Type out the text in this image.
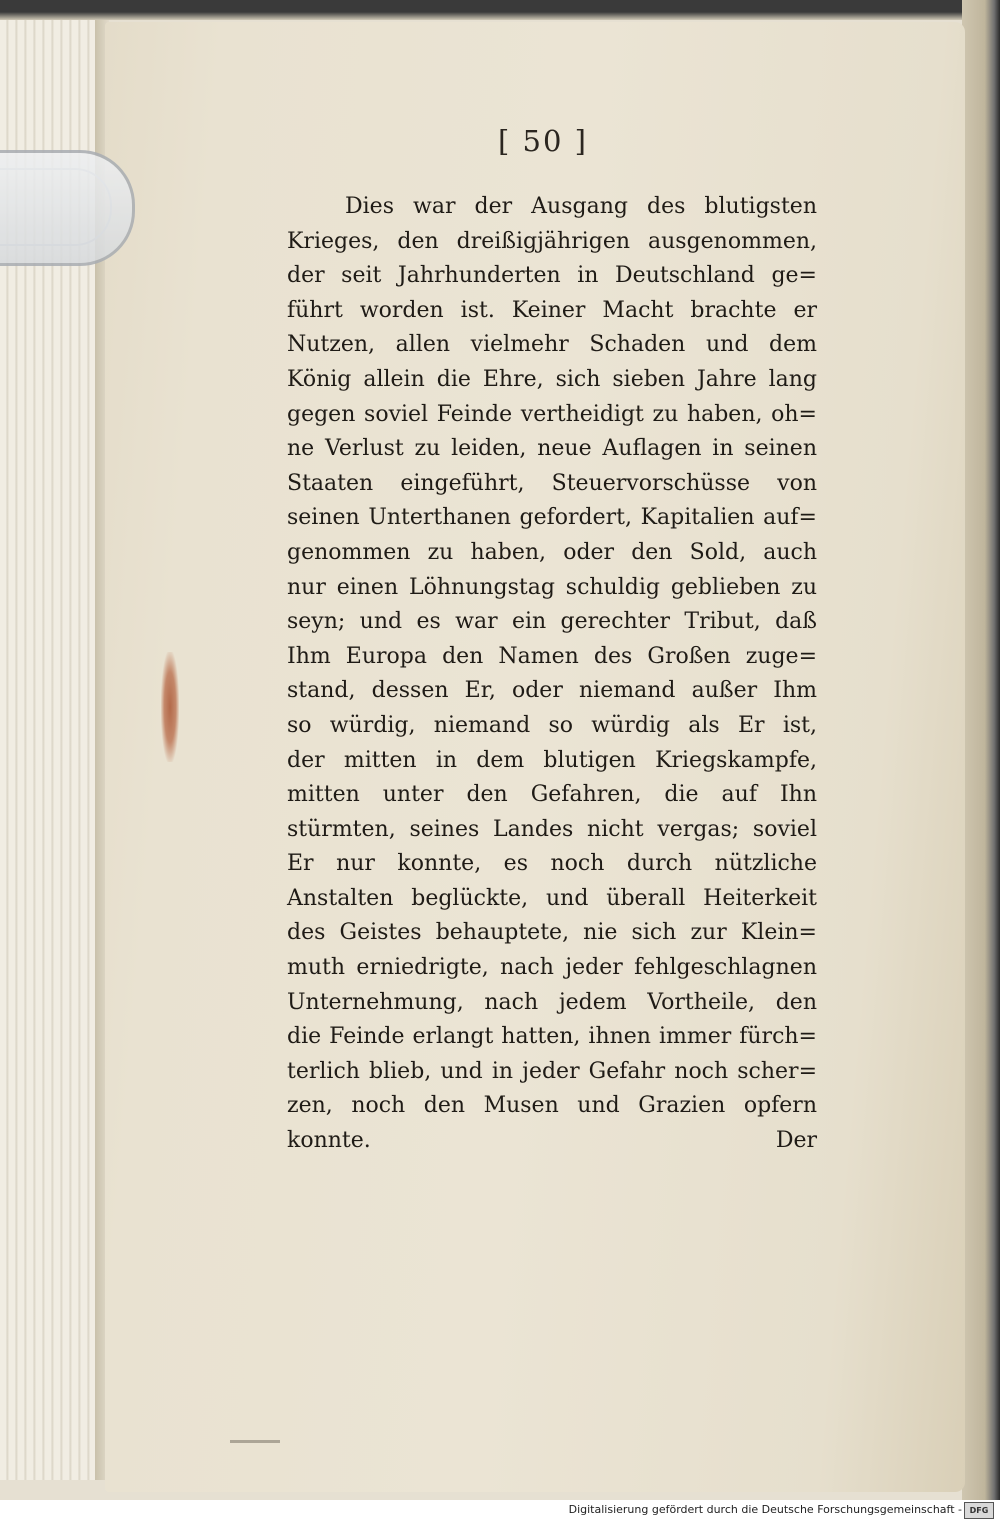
[ 50 ]
Dies war der Ausgang des blutigsten
Krieges, den dreißigjährigen ausgenommen,
der seit Jahrhunderten in Deutschland ge=
führt worden ist. Keiner Macht brachte er
Nutzen, allen vielmehr Schaden und dem
König allein die Ehre, sich sieben Jahre lang
gegen soviel Feinde vertheidigt zu haben, oh=
ne Verlust zu leiden, neue Auflagen in seinen
Staaten eingeführt, Steuervorschüsse von
seinen Unterthanen gefordert, Kapitalien auf=
genommen zu haben, oder den Sold, auch
nur einen Löhnungstag schuldig geblieben zu
seyn; und es war ein gerechter Tribut, daß
Ihm Europa den Namen des Großen zuge=
stand, dessen Er, oder niemand außer Ihm
so würdig, niemand so würdig als Er ist,
der mitten in dem blutigen Kriegskampfe,
mitten unter den Gefahren, die auf Ihn
stürmten, seines Landes nicht vergas; soviel
Er nur konnte, es noch durch nützliche
Anstalten beglückte, und überall Heiterkeit
des Geistes behauptete, nie sich zur Klein=
muth erniedrigte, nach jeder fehlgeschlagnen
Unternehmung, nach jedem Vortheile, den
die Feinde erlangt hatten, ihnen immer fürch=
terlich blieb, und in jeder Gefahr noch scher=
zen, noch den Musen und Grazien opfern
konnte.	Der
Digitalisierung gefördert durch die Deutsche Forschungsgemeinschaft - DFG
